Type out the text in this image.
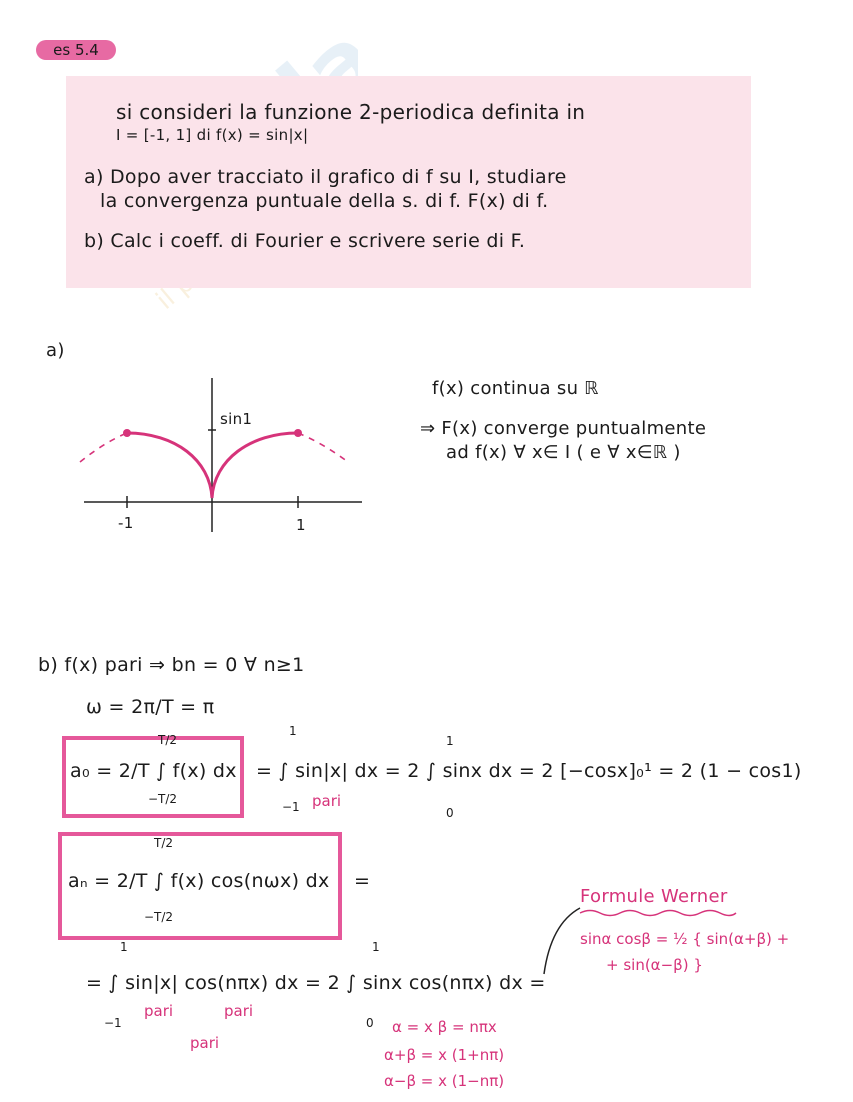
es 5.4
si consideri la funzione 2-periodica definita in
I = [-1, 1] di f(x) = sin|x|
a) Dopo aver tracciato il grafico di f su I, studiare
la convergenza puntuale della s. di f. F(x) di f.
b) Calc i coeff. di Fourier e scrivere serie di F.
a)
sin1
-1	1
f(x) continua su ℝ
⇒ F(x) converge puntualmente
ad f(x) ∀ x∈ I ( e ∀ x∈ℝ )
b) f(x) pari ⇒ bn = 0 ∀ n≥1
ω = 2π/T = π
a₀ = 2/T ∫ f(x) dx
T/2
−T/2
= ∫ sin|x| dx = 2 ∫ sinx dx = 2 [−cosx]₀¹ = 2 (1 − cos1)
1
−1
1
0
pari
aₙ = 2/T ∫ f(x) cos(nωx) dx
T/2
−T/2
=
= ∫ sin|x| cos(nπx) dx = 2 ∫ sinx cos(nπx) dx =
1
−1
1
0
pari	pari
pari
Formule Werner
sinα cosβ = ½ { sin(α+β) +
+ sin(α−β) }
α = x β = nπx
α+β = x (1+nπ)
α−β = x (1−nπ)
